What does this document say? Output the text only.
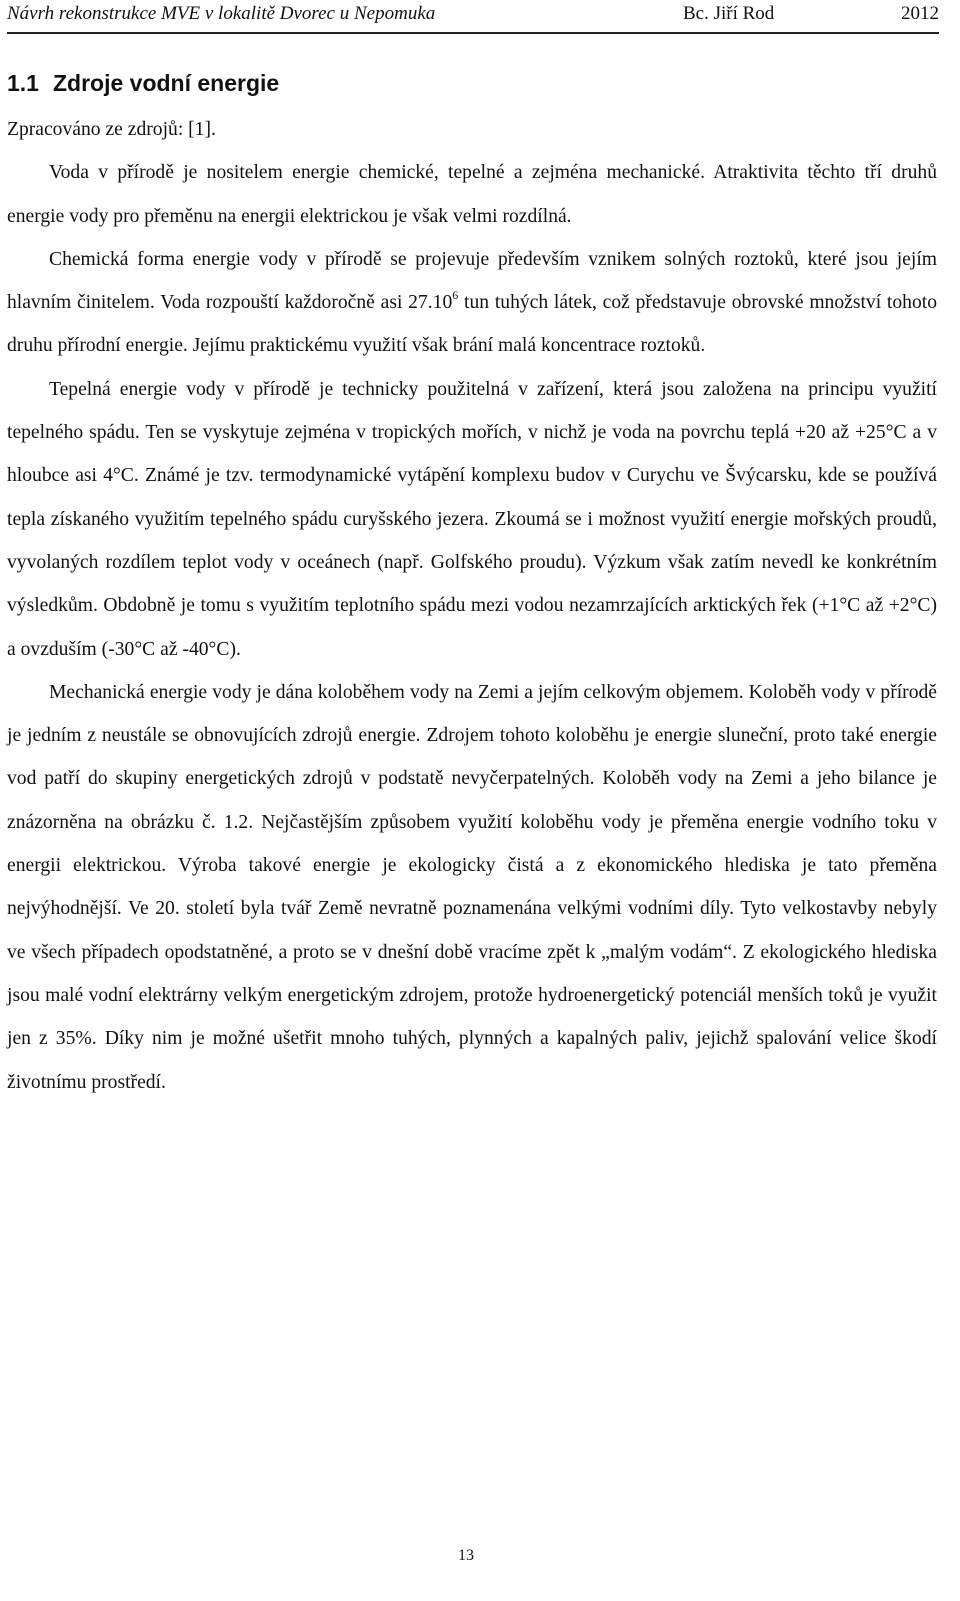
Návrh rekonstrukce MVE v lokalitě Dvorec u Nepomuka	Bc. Jiří Rod	2012
1.1 Zdroje vodní energie

Zpracováno ze zdrojů: [1].

Voda v přírodě je nositelem energie chemické, tepelné a zejména mechanické. Atraktivita těchto tří druhů energie vody pro přeměnu na energii elektrickou je však velmi rozdílná.

Chemická forma energie vody v přírodě se projevuje především vznikem solných roztoků, které jsou jejím hlavním činitelem. Voda rozpouští každoročně asi 27.10$^6$ tun tuhých látek, což představuje obrovské množství tohoto druhu přírodní energie. Jejímu praktickému využití však brání malá koncentrace roztoků.

Tepelná energie vody v přírodě je technicky použitelná v zařízení, která jsou založena na principu využití tepelného spádu. Ten se vyskytuje zejména v tropických mořích, v nichž je voda na povrchu teplá +20 až +25°C a v hloubce asi 4°C. Známé je tzv. termodynamické vytápění komplexu budov v Curychu ve Švýcarsku, kde se používá tepla získaného využitím tepelného spádu curyšského jezera. Zkoumá se i možnost využití energie mořských proudů, vyvolaných rozdílem teplot vody v oceánech (např. Golfského proudu). Výzkum však zatím nevedl ke konkrétním výsledkům. Obdobně je tomu s využitím teplotního spádu mezi vodou nezamrzajících arktických řek (+1°C až +2°C) a ovzduším (-30°C až -40°C).

Mechanická energie vody je dána koloběhem vody na Zemi a jejím celkovým objemem. Koloběh vody v přírodě je jedním z neustále se obnovujících zdrojů energie. Zdrojem tohoto koloběhu je energie sluneční, proto také energie vod patří do skupiny energetických zdrojů v podstatě nevyčerpatelných. Koloběh vody na Zemi a jeho bilance je znázorněna na obrázku č. 1.2. Nejčastějším způsobem využití koloběhu vody je přeměna energie vodního toku v energii elektrickou. Výroba takové energie je ekologicky čistá a z ekonomického hlediska je tato přeměna nejvýhodnější. Ve 20. století byla tvář Země nevratně poznamenána velkými vodními díly. Tyto velkostavby nebyly ve všech případech opodstatněné, a proto se v dnešní době vracíme zpět k „malým vodám“. Z ekologického hlediska jsou malé vodní elektrárny velkým energetickým zdrojem, protože hydroenergetický potenciál menších toků je využit jen z 35%. Díky nim je možné ušetřit mnoho tuhých, plynných a kapalných paliv, jejichž spalování velice škodí životnímu prostředí.

13
